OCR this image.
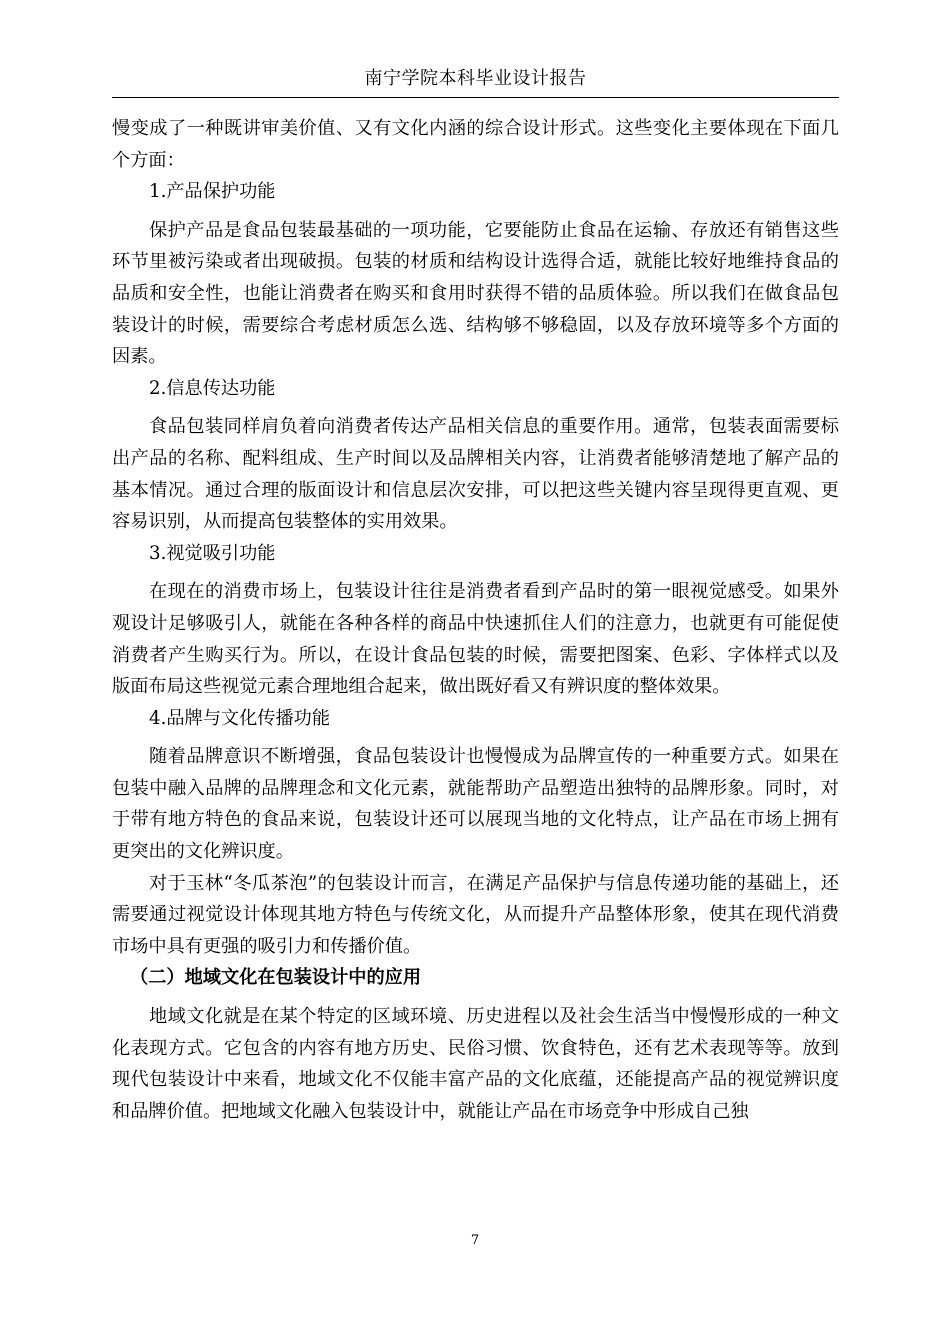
南宁学院本科毕业设计报告

慢变成了一种既讲审美价值、又有文化内涵的综合设计形式。这些变化主要体现在下面几个方面：

1.产品保护功能

保护产品是食品包装最基础的一项功能，它要能防止食品在运输、存放还有销售这些环节里被污染或者出现破损。包装的材质和结构设计选得合适，就能比较好地维持食品的品质和安全性，也能让消费者在购买和食用时获得不错的品质体验。所以我们在做食品包装设计的时候，需要综合考虑材质怎么选、结构够不够稳固，以及存放环境等多个方面的因素。

2.信息传达功能

食品包装同样肩负着向消费者传达产品相关信息的重要作用。通常，包装表面需要标出产品的名称、配料组成、生产时间以及品牌相关内容，让消费者能够清楚地了解产品的基本情况。通过合理的版面设计和信息层次安排，可以把这些关键内容呈现得更直观、更容易识别，从而提高包装整体的实用效果。

3.视觉吸引功能

在现在的消费市场上，包装设计往往是消费者看到产品时的第一眼视觉感受。如果外观设计足够吸引人，就能在各种各样的商品中快速抓住人们的注意力，也就更有可能促使消费者产生购买行为。所以，在设计食品包装的时候，需要把图案、色彩、字体样式以及版面布局这些视觉元素合理地组合起来，做出既好看又有辨识度的整体效果。

4.品牌与文化传播功能

随着品牌意识不断增强，食品包装设计也慢慢成为品牌宣传的一种重要方式。如果在包装中融入品牌的品牌理念和文化元素，就能帮助产品塑造出独特的品牌形象。同时，对于带有地方特色的食品来说，包装设计还可以展现当地的文化特点，让产品在市场上拥有更突出的文化辨识度。

对于玉林“冬瓜茶泡”的包装设计而言，在满足产品保护与信息传递功能的基础上，还需要通过视觉设计体现其地方特色与传统文化，从而提升产品整体形象，使其在现代消费市场中具有更强的吸引力和传播价值。

（二）地域文化在包装设计中的应用

地域文化就是在某个特定的区域环境、历史进程以及社会生活当中慢慢形成的一种文化表现方式。它包含的内容有地方历史、民俗习惯、饮食特色，还有艺术表现等等。放到现代包装设计中来看，地域文化不仅能丰富产品的文化底蕴，还能提高产品的视觉辨识度和品牌价值。把地域文化融入包装设计中，就能让产品在市场竞争中形成自己独

7
